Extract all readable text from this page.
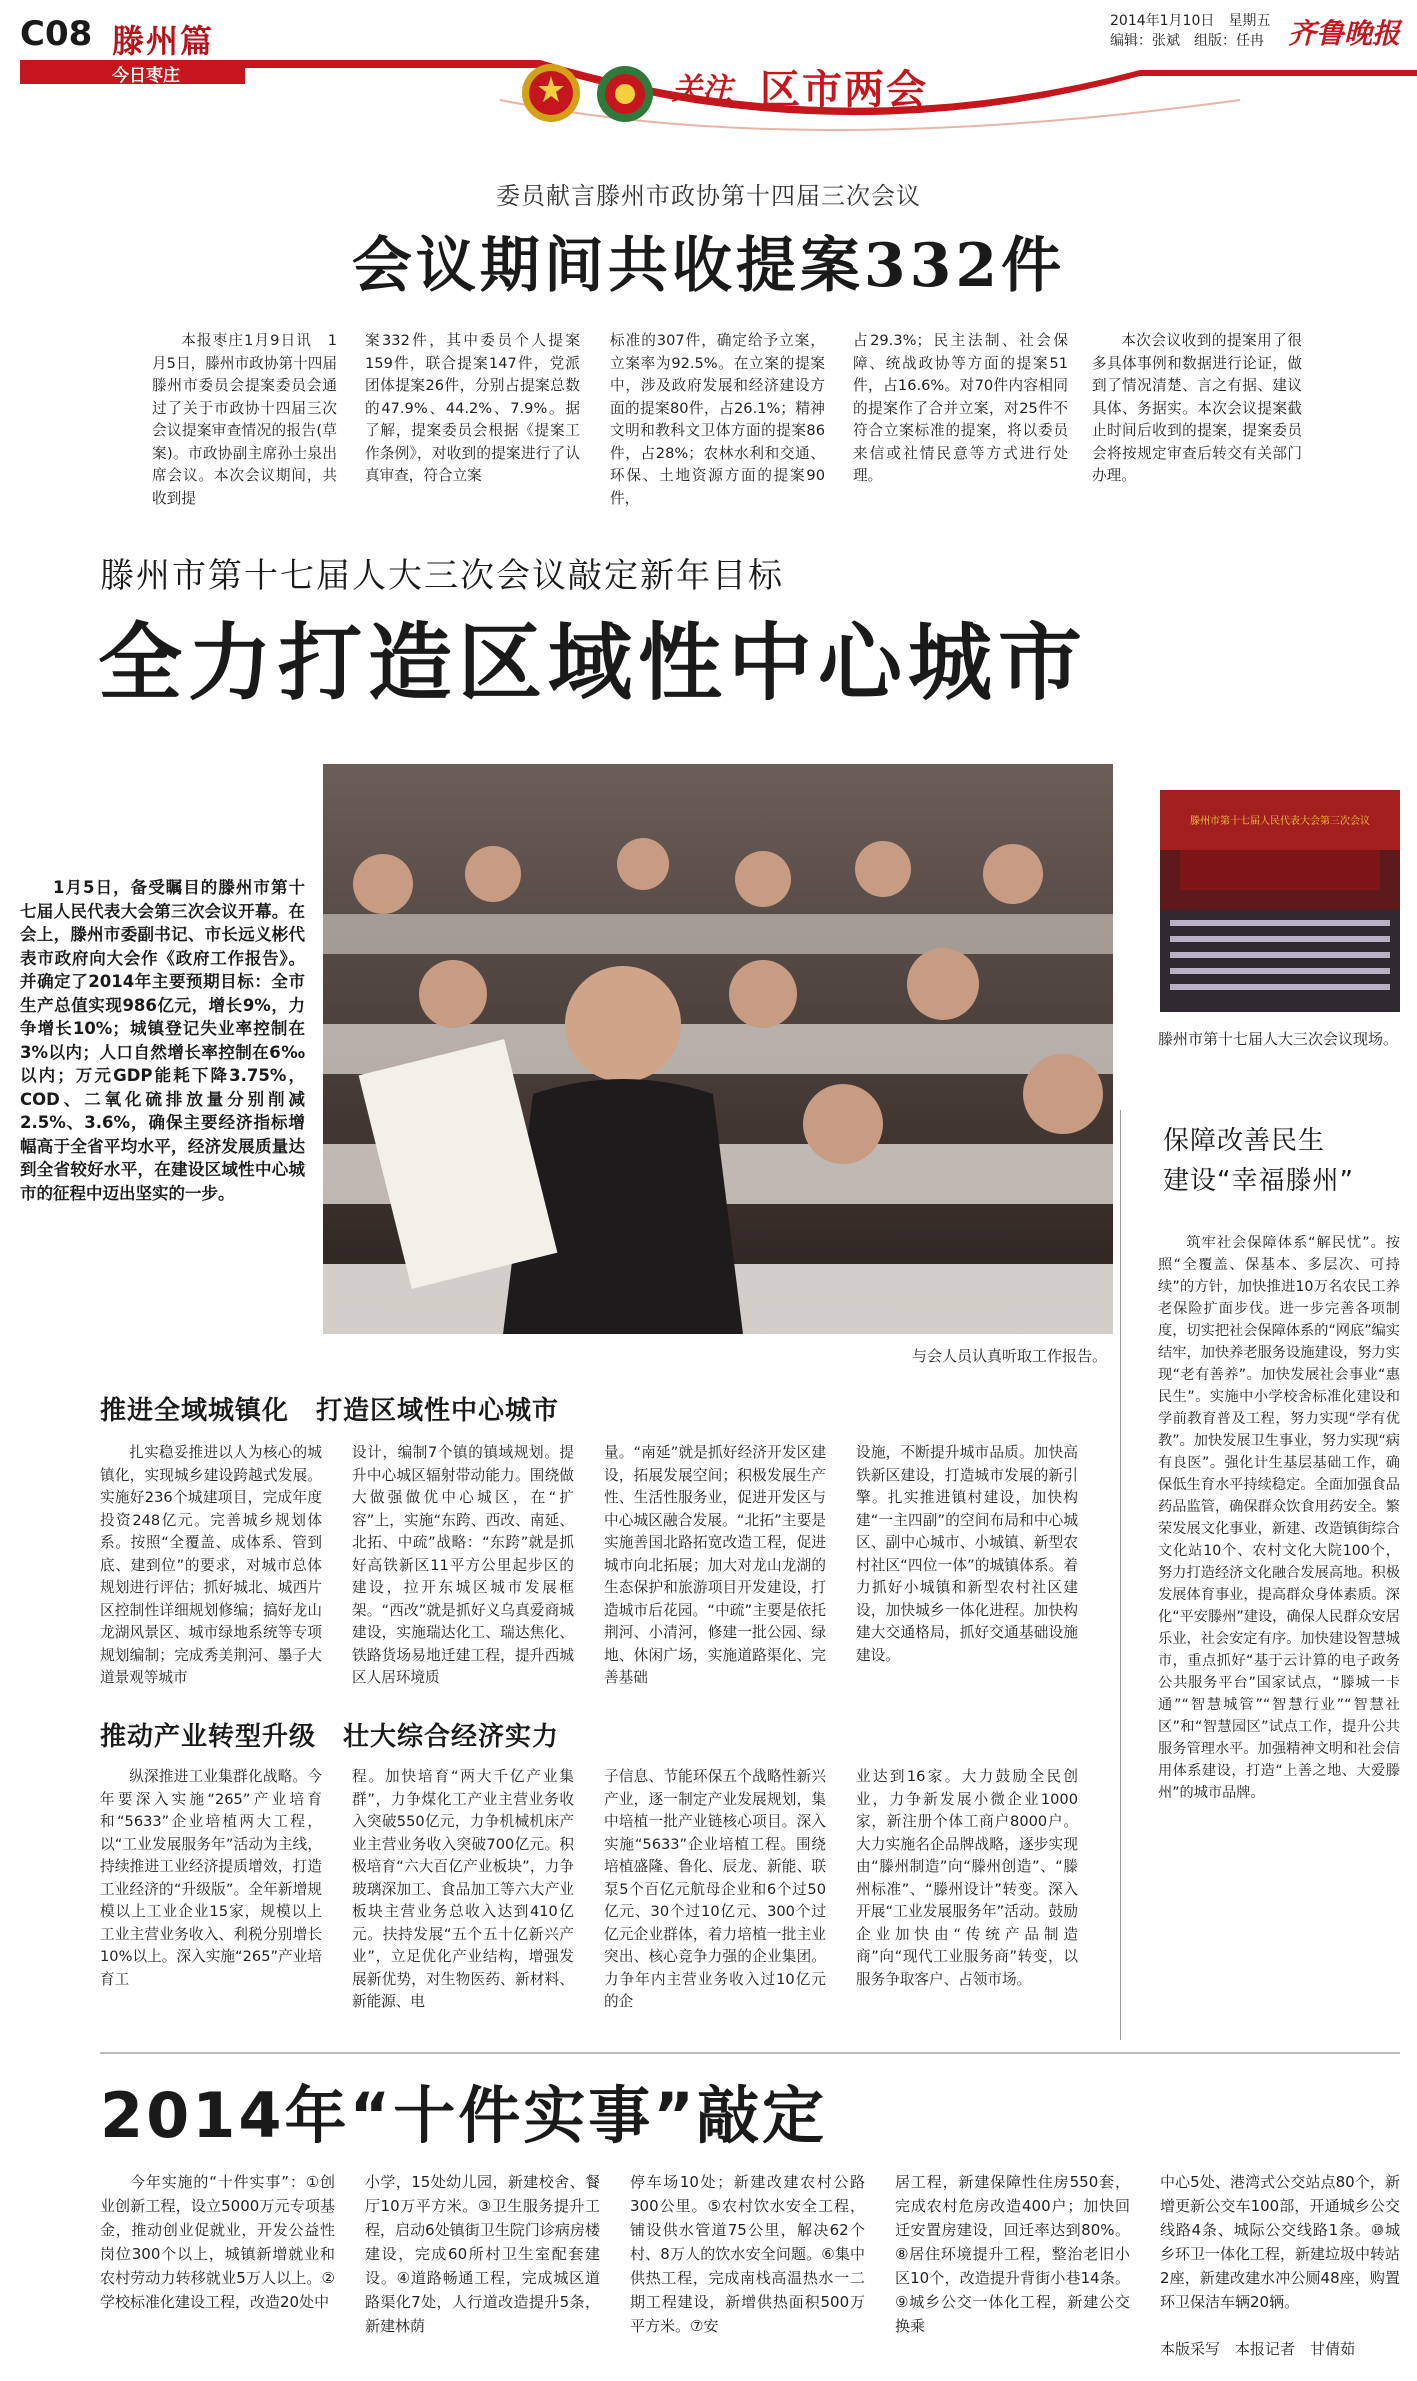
C08 滕州篇
今日枣庄	关注 区市两会
2014年1月10日　星期五
编辑：张斌　组版：任冉 齐鲁晚报
委员献言滕州市政协第十四届三次会议
会议期间共收提案332件
本报枣庄1月9日讯　1月5日，滕州市政协第十四届滕州市委员会提案委员会通过了关于市政协十四届三次会议提案审查情况的报告(草案)。市政协副主席孙士泉出席会议。本次会议期间，共收到提
案332件，其中委员个人提案159件，联合提案147件，党派团体提案26件，分别占提案总数的47.9%、44.2%、7.9%。据了解，提案委员会根据《提案工作条例》，对收到的提案进行了认真审查，符合立案
标准的307件，确定给予立案，立案率为92.5%。在立案的提案中，涉及政府发展和经济建设方面的提案80件，占26.1%；精神文明和教科文卫体方面的提案86件，占28%；农林水利和交通、环保、土地资源方面的提案90件，
占29.3%；民主法制、社会保障、统战政协等方面的提案51件，占16.6%。对70件内容相同的提案作了合并立案，对25件不符合立案标准的提案，将以委员来信或社情民意等方式进行处理。
本次会议收到的提案用了很多具体事例和数据进行论证，做到了情况清楚、言之有据、建议具体、务据实。本次会议提案截止时间后收到的提案，提案委员会将按规定审查后转交有关部门办理。
滕州市第十七届人大三次会议敲定新年目标
全力打造区域性中心城市
与会人员认真听取工作报告。
1月5日，备受瞩目的滕州市第十七届人民代表大会第三次会议开幕。在会上，滕州市委副书记、市长远义彬代表市政府向大会作《政府工作报告》。并确定了2014年主要预期目标：全市生产总值实现986亿元，增长9%，力争增长10%；城镇登记失业率控制在3%以内；人口自然增长率控制在6‰以内；万元GDP能耗下降3.75%，COD、二氧化硫排放量分别削减2.5%、3.6%，确保主要经济指标增幅高于全省平均水平，经济发展质量达到全省较好水平，在建设区域性中心城市的征程中迈出坚实的一步。
滕州市第十七届人民代表大会第三次会议
滕州市第十七届人大三次会议现场。
推进全域城镇化　打造区域性中心城市
扎实稳妥推进以人为核心的城镇化，实现城乡建设跨越式发展。实施好236个城建项目，完成年度投资248亿元。完善城乡规划体系。按照“全覆盖、成体系、管到底、建到位”的要求，对城市总体规划进行评估；抓好城北、城西片区控制性详细规划修编；搞好龙山龙湖风景区、城市绿地系统等专项规划编制；完成秀美荆河、墨子大道景观等城市
设计，编制7个镇的镇域规划。提升中心城区辐射带动能力。围绕做大做强做优中心城区，在“扩容”上，实施“东跨、西改、南延、北拓、中疏”战略：“东跨”就是抓好高铁新区11平方公里起步区的建设，拉开东城区城市发展框架。“西改”就是抓好义乌真爱商城建设，实施瑞达化工、瑞达焦化、铁路货场易地迁建工程，提升西城区人居环境质
量。“南延”就是抓好经济开发区建设，拓展发展空间；积极发展生产性、生活性服务业，促进开发区与中心城区融合发展。“北拓”主要是实施善国北路拓宽改造工程，促进城市向北拓展；加大对龙山龙湖的生态保护和旅游项目开发建设，打造城市后花园。“中疏”主要是依托荆河、小清河，修建一批公园、绿地、休闲广场，实施道路渠化、完善基础
设施，不断提升城市品质。加快高铁新区建设，打造城市发展的新引擎。扎实推进镇村建设，加快构建“一主四副”的空间布局和中心城区、副中心城市、小城镇、新型农村社区“四位一体”的城镇体系。着力抓好小城镇和新型农村社区建设，加快城乡一体化进程。加快构建大交通格局，抓好交通基础设施建设。
推动产业转型升级　壮大综合经济实力
纵深推进工业集群化战略。今年要深入实施“265”产业培育和“5633”企业培植两大工程，以“工业发展服务年”活动为主线，持续推进工业经济提质增效，打造工业经济的“升级版”。全年新增规模以上工业企业15家，规模以上工业主营业务收入、利税分别增长10%以上。深入实施“265”产业培育工
程。加快培育“两大千亿产业集群”，力争煤化工产业主营业务收入突破550亿元，力争机械机床产业主营业务收入突破700亿元。积极培育“六大百亿产业板块”，力争玻璃深加工、食品加工等六大产业板块主营业务总收入达到410亿元。扶持发展“五个五十亿新兴产业”，立足优化产业结构，增强发展新优势，对生物医药、新材料、新能源、电
子信息、节能环保五个战略性新兴产业，逐一制定产业发展规划，集中培植一批产业链核心项目。深入实施“5633”企业培植工程。围绕培植盛隆、鲁化、辰龙、新能、联泵5个百亿元航母企业和6个过50亿元、30个过10亿元、300个过亿元企业群体，着力培植一批主业突出、核心竞争力强的企业集团。力争年内主营业务收入过10亿元的企
业达到16家。大力鼓励全民创业，力争新发展小微企业1000家，新注册个体工商户8000户。大力实施名企品牌战略，逐步实现由“滕州制造”向“滕州创造”、“滕州标准”、“滕州设计”转变。深入开展“工业发展服务年”活动。鼓励企业加快由“传统产品制造商”向“现代工业服务商”转变，以服务争取客户、占领市场。
保障改善民生
建设“幸福滕州”
筑牢社会保障体系“解民忧”。按照“全覆盖、保基本、多层次、可持续”的方针，加快推进10万名农民工养老保险扩面步伐。进一步完善各项制度，切实把社会保障体系的“网底”编实结牢，加快养老服务设施建设，努力实现“老有善养”。加快发展社会事业“惠民生”。实施中小学校舍标准化建设和学前教育普及工程，努力实现“学有优教”。加快发展卫生事业，努力实现“病有良医”。强化计生基层基础工作，确保低生育水平持续稳定。全面加强食品药品监管，确保群众饮食用药安全。繁荣发展文化事业，新建、改造镇街综合文化站10个、农村文化大院100个，努力打造经济文化融合发展高地。积极发展体育事业，提高群众身体素质。深化“平安滕州”建设，确保人民群众安居乐业，社会安定有序。加快建设智慧城市，重点抓好“基于云计算的电子政务公共服务平台”国家试点，“滕城一卡通”“智慧城管”“智慧行业”“智慧社区”和“智慧园区”试点工作，提升公共服务管理水平。加强精神文明和社会信用体系建设，打造“上善之地、大爱滕州”的城市品牌。
2014年“十件实事”敲定
今年实施的“十件实事”：①创业创新工程，设立5000万元专项基金，推动创业促就业，开发公益性岗位300个以上，城镇新增就业和农村劳动力转移就业5万人以上。②学校标准化建设工程，改造20处中
小学，15处幼儿园，新建校舍、餐厅10万平方米。③卫生服务提升工程，启动6处镇街卫生院门诊病房楼建设，完成60所村卫生室配套建设。④道路畅通工程，完成城区道路渠化7处，人行道改造提升5条，新建林荫
停车场10处；新建改建农村公路300公里。⑤农村饮水安全工程，铺设供水管道75公里，解决62个村、8万人的饮水安全问题。⑥集中供热工程，完成南栈高温热水一二期工程建设，新增供热面积500万平方米。⑦安
居工程，新建保障性住房550套，完成农村危房改造400户；加快回迁安置房建设，回迁率达到80%。⑧居住环境提升工程，整治老旧小区10个，改造提升背街小巷14条。⑨城乡公交一体化工程，新建公交换乘
中心5处、港湾式公交站点80个，新增更新公交车100部，开通城乡公交线路4条、城际公交线路1条。⑩城乡环卫一体化工程，新建垃圾中转站2座，新建改建水冲公厕48座，购置环卫保洁车辆20辆。
本版采写　本报记者　甘倩茹
